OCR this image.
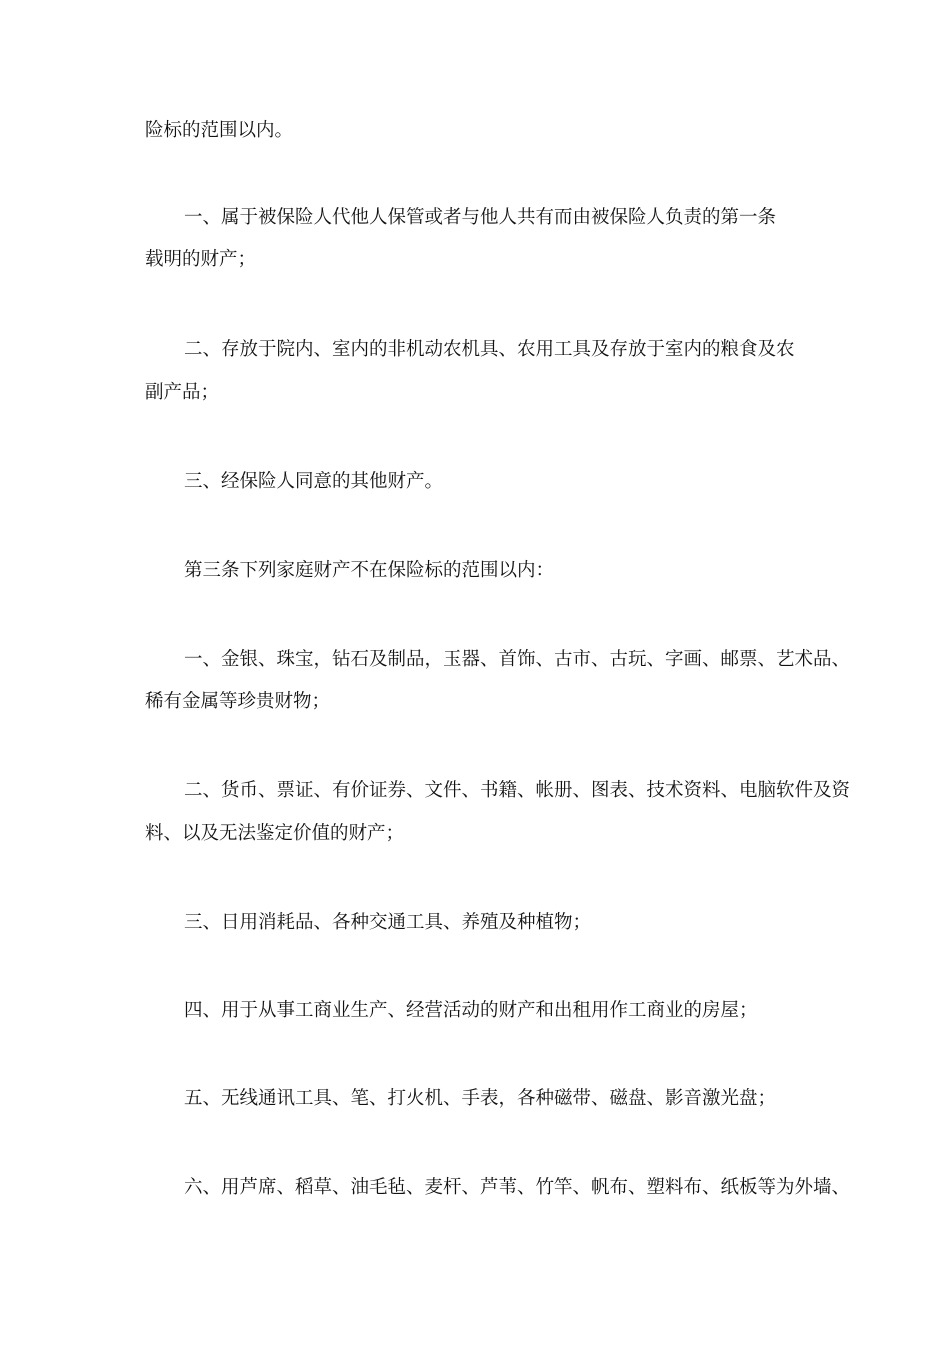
险标的范围以内。
一、属于被保险人代他人保管或者与他人共有而由被保险人负责的第一条
载明的财产；
二、存放于院内、室内的非机动农机具、农用工具及存放于室内的粮食及农
副产品；
三、经保险人同意的其他财产。
第三条下列家庭财产不在保险标的范围以内：
一、金银、珠宝，钻石及制品，玉器、首饰、古市、古玩、字画、邮票、艺术品、
稀有金属等珍贵财物；
二、货币、票证、有价证券、文件、书籍、帐册、图表、技术资料、电脑软件及资
料、以及无法鉴定价值的财产；
三、日用消耗品、各种交通工具、养殖及种植物；
四、用于从事工商业生产、经营活动的财产和出租用作工商业的房屋；
五、无线通讯工具、笔、打火机、手表，各种磁带、磁盘、影音激光盘；
六、用芦席、稻草、油毛毡、麦杆、芦苇、竹竿、帆布、塑料布、纸板等为外墙、
